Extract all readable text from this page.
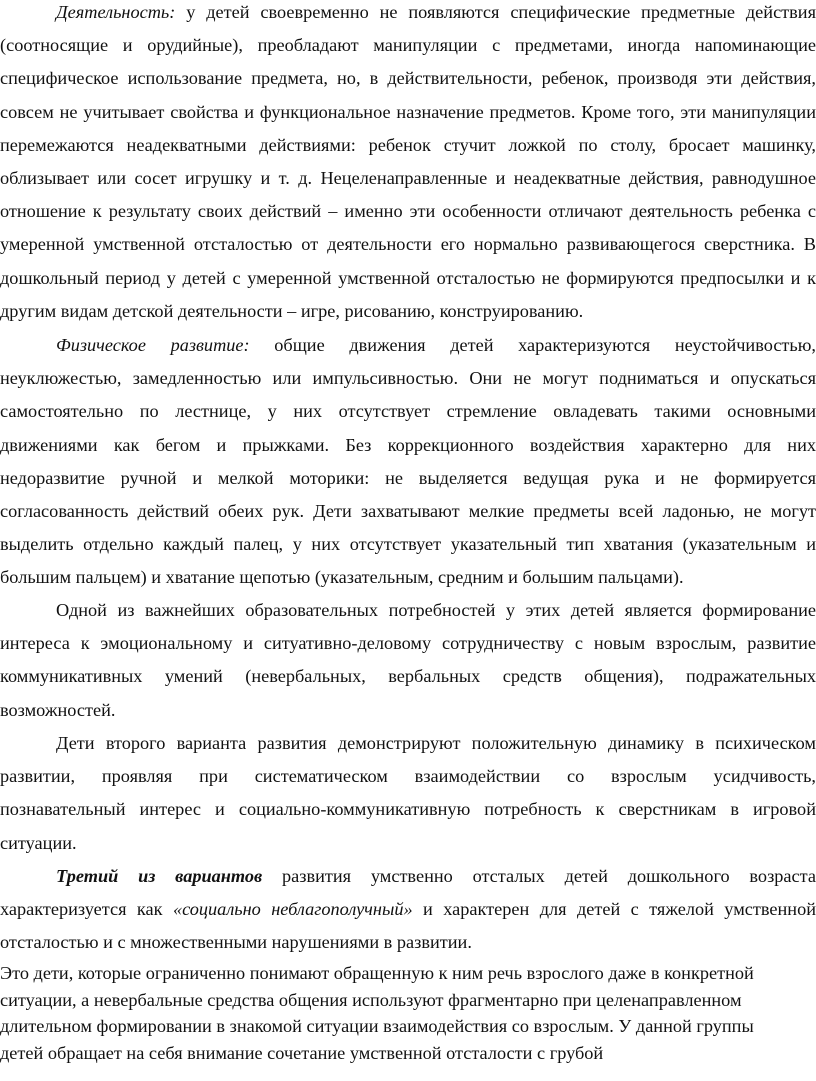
Деятельность: у детей своевременно не появляются специфические предметные действия
(соотносящие и орудийные), преобладают манипуляции с предметами, иногда напоминающие
специфическое использование предмета, но, в действительности, ребенок, производя эти действия,
совсем не учитывает свойства и функциональное назначение предметов. Кроме того, эти манипуляции
перемежаются неадекватными действиями: ребенок стучит ложкой по столу, бросает машинку,
облизывает или сосет игрушку и т. д. Нецеленаправленные и неадекватные действия, равнодушное
отношение к результату своих действий – именно эти особенности отличают деятельность ребенка с
умеренной умственной отсталостью от деятельности его нормально развивающегося сверстника. В
дошкольный период у детей с умеренной умственной отсталостью не формируются предпосылки и к
другим видам детской деятельности – игре, рисованию, конструированию.
Физическое развитие: общие движения детей характеризуются неустойчивостью,
неуклюжестью, замедленностью или импульсивностью. Они не могут подниматься и опускаться
самостоятельно по лестнице, у них отсутствует стремление овладевать такими основными
движениями как бегом и прыжками. Без коррекционного воздействия характерно для них
недоразвитие ручной и мелкой моторики: не выделяется ведущая рука и не формируется
согласованность действий обеих рук. Дети захватывают мелкие предметы всей ладонью, не могут
выделить отдельно каждый палец, у них отсутствует указательный тип хватания (указательным и
большим пальцем) и хватание щепотью (указательным, средним и большим пальцами).
Одной из важнейших образовательных потребностей у этих детей является формирование
интереса к эмоциональному и ситуативно-деловому сотрудничеству с новым взрослым, развитие
коммуникативных умений (невербальных, вербальных средств общения), подражательных
возможностей.
Дети второго варианта развития демонстрируют положительную динамику в психическом
развитии, проявляя при систематическом взаимодействии со взрослым усидчивость,
познавательный интерес и социально-коммуникативную потребность к сверстникам в игровой
ситуации.
Третий из вариантов развития умственно отсталых детей дошкольного возраста
характеризуется как «социально неблагополучный» и характерен для детей с тяжелой умственной
отсталостью и с множественными нарушениями в развитии.
Это дети, которые ограниченно понимают обращенную к ним речь взрослого даже в конкретной
ситуации, а невербальные средства общения используют фрагментарно при целенаправленном
длительном формировании в знакомой ситуации взаимодействия со взрослым. У данной группы
детей обращает на себя внимание сочетание умственной отсталости с грубой
